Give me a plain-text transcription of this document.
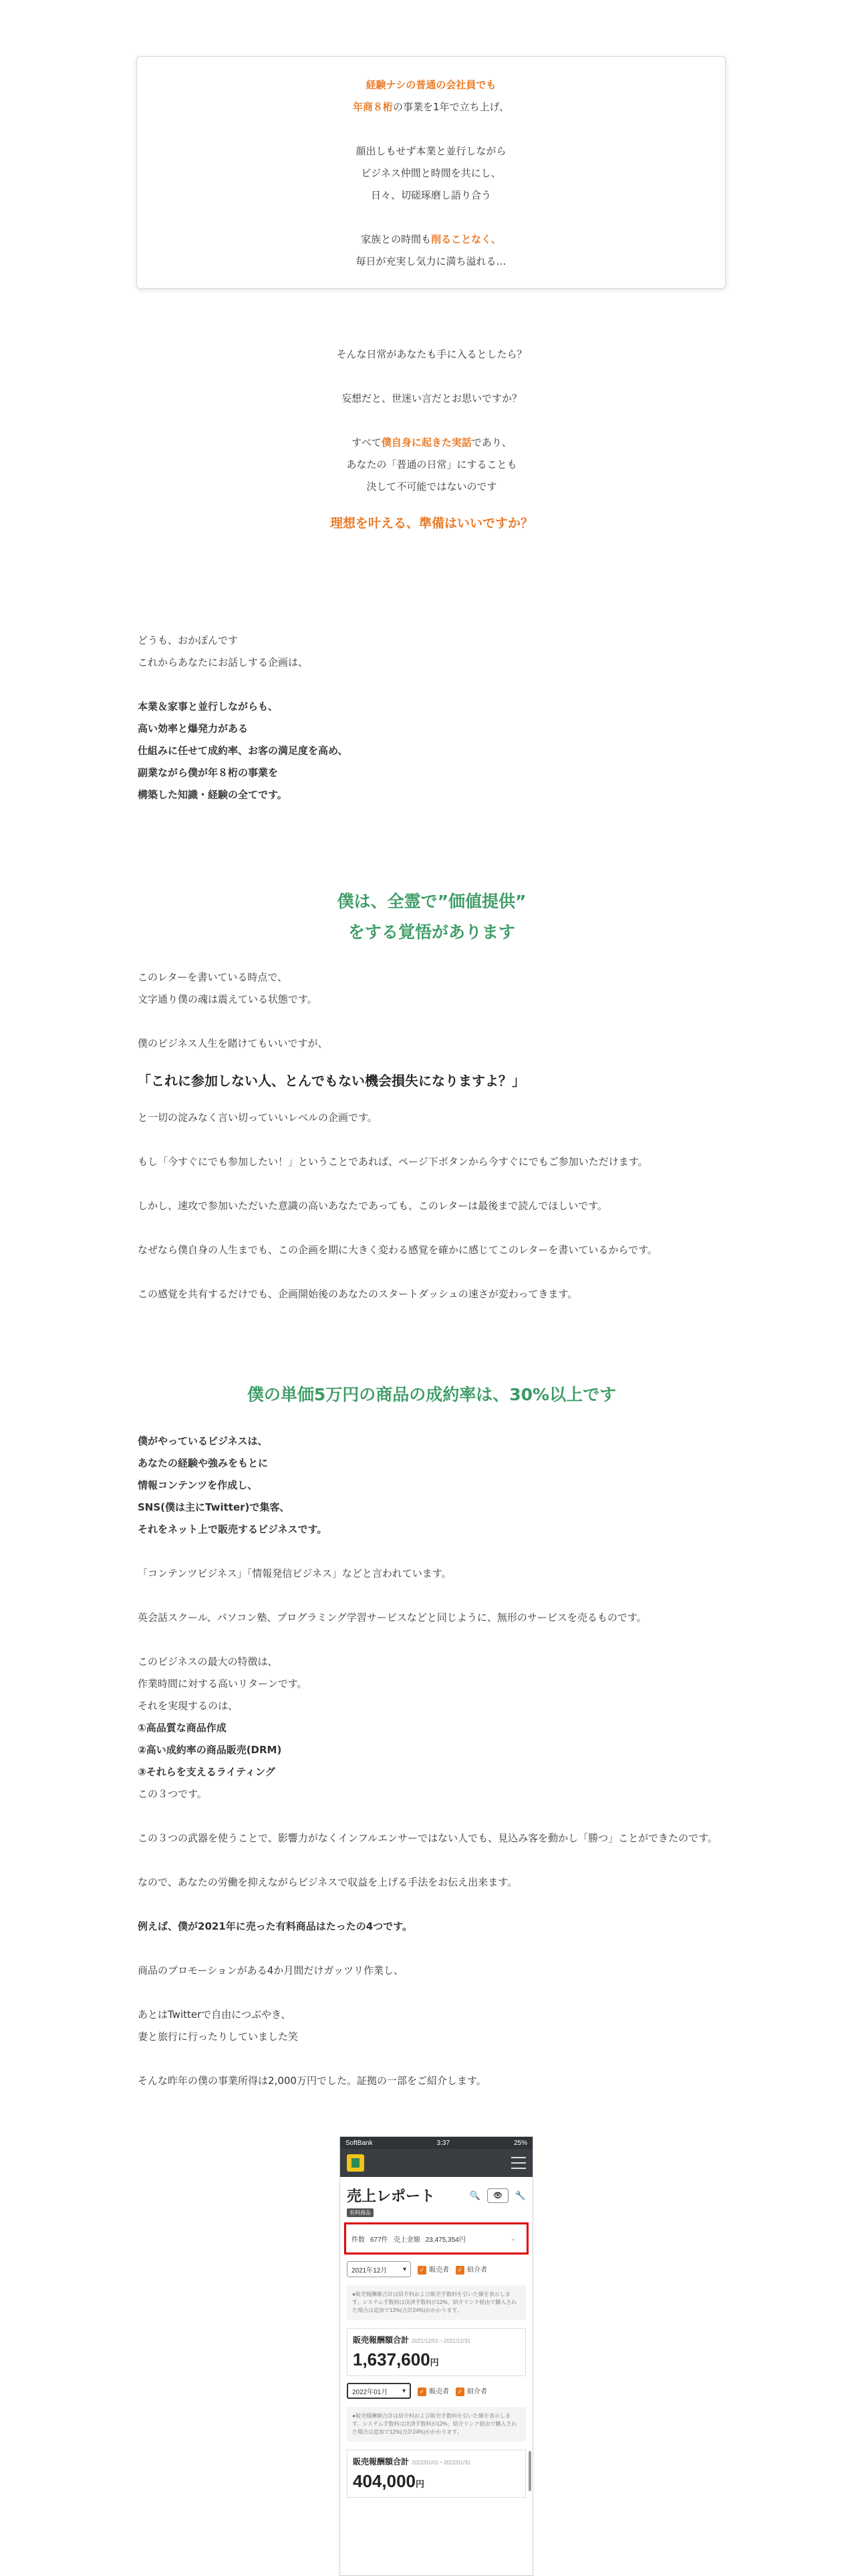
経験ナシの普通の会社員でも

年商８桁の事業を1年で立ち上げ、

顔出しもせず本業と並行しながら

ビジネス仲間と時間を共にし、

日々、切磋琢磨し語り合う

家族との時間も削ることなく、

毎日が充実し気力に満ち溢れる…

そんな日常があなたも手に入るとしたら？

妄想だと、世迷い言だとお思いですか？

すべて僕自身に起きた実話であり、

あなたの「普通の日常」にすることも

決して不可能ではないのです

理想を叶える、準備はいいですか？

どうも、おかぽんです

これからあなたにお話しする企画は、

本業＆家事と並行しながらも、

高い効率と爆発力がある

仕組みに任せて成約率、お客の満足度を高め、

副業ながら僕が年８桁の事業を

構築した知識・経験の全てです。

僕は、全霊で”価値提供”

をする覚悟があります

このレターを書いている時点で、

文字通り僕の魂は震えている状態です。

僕のビジネス人生を賭けてもいいですが、

「これに参加しない人、とんでもない機会損失になりますよ？」

と一切の淀みなく言い切っていいレベルの企画です。

もし「今すぐにでも参加したい！」ということであれば、ページ下ボタンから今すぐにでもご参加いただけます。

しかし、速攻で参加いただいた意識の高いあなたであっても、このレターは最後まで読んでほしいです。

なぜなら僕自身の人生までも、この企画を期に大きく変わる感覚を確かに感じてこのレターを書いているからです。

この感覚を共有するだけでも、企画開始後のあなたのスタートダッシュの速さが変わってきます。

僕の単価5万円の商品の成約率は、30%以上です

僕がやっているビジネスは、

あなたの経験や強みをもとに

情報コンテンツを作成し、

SNS(僕は主にTwitter)で集客、

それをネット上で販売するビジネスです。

「コンテンツビジネス」「情報発信ビジネス」などと言われています。

英会話スクール、パソコン塾、プログラミング学習サービスなどと同じように、無形のサービスを売るものです。

このビジネスの最大の特徴は、

作業時間に対する高いリターンです。

それを実現するのは、

①高品質な商品作成

②高い成約率の商品販売(DRM)

③それらを支えるライティング

この３つです。

この３つの武器を使うことで、影響力がなくインフルエンサーではない人でも、見込み客を動かし「勝つ」ことができたのです。

なので、あなたの労働を抑えながらビジネスで収益を上げる手法をお伝え出来ます。

例えば、僕が2021年に売った有料商品はたったの4つです。

商品のプロモーションがある4か月間だけガッツリ作業し、

あとはTwitterで自由につぶやき、

妻と旅行に行ったりしていました笑

そんな昨年の僕の事業所得は2,000万円でした。証拠の一部をご紹介します。

SoftBank	3:37	25%
売上レポート	🔍	👁	🔧
有料商品
件数 677件 売上金額 23,475,354円	⌄
2021年12月 ▾	✓ 販売者	✓ 紹介者
●販売報酬額合計は紹介料および販売手数料を引いた額を表示します。システム手数料は決済手数料が12%、紹介リンク経由で購入された場合は追加で12%(合計24%)がかかります。
販売報酬額合計 2021/12/01〜2021/12/31
1,637,600円
2022年01月 ▾	✓ 販売者	✓ 紹介者
●販売報酬額合計は紹介料および販売手数料を引いた額を表示します。システム手数料は決済手数料が12%、紹介リンク経由で購入された場合は追加で12%(合計24%)がかかります。
販売報酬額合計 2022/01/01〜2022/01/31
404,000円
